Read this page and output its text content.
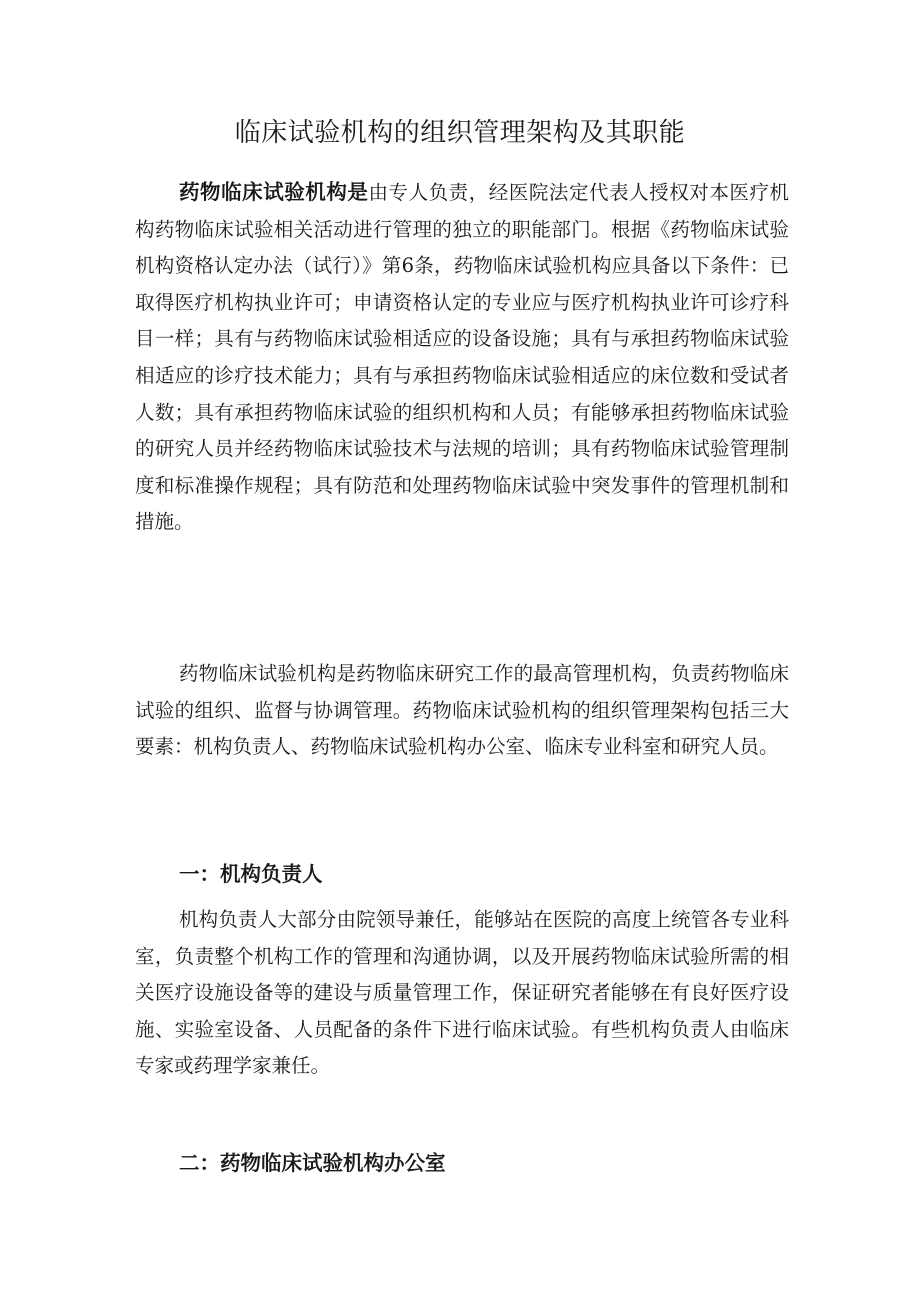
临床试验机构的组织管理架构及其职能

药物临床试验机构是由专人负责，经医院法定代表人授权对本医疗机构药物临床试验相关活动进行管理的独立的职能部门。根据《药物临床试验机构资格认定办法（试行）》第6条，药物临床试验机构应具备以下条件：已取得医疗机构执业许可；申请资格认定的专业应与医疗机构执业许可诊疗科目一样；具有与药物临床试验相适应的设备设施；具有与承担药物临床试验相适应的诊疗技术能力；具有与承担药物临床试验相适应的床位数和受试者人数；具有承担药物临床试验的组织机构和人员；有能够承担药物临床试验的研究人员并经药物临床试验技术与法规的培训；具有药物临床试验管理制度和标准操作规程；具有防范和处理药物临床试验中突发事件的管理机制和措施。

药物临床试验机构是药物临床研究工作的最高管理机构，负责药物临床试验的组织、监督与协调管理。药物临床试验机构的组织管理架构包括三大要素：机构负责人、药物临床试验机构办公室、临床专业科室和研究人员。

一：机构负责人

机构负责人大部分由院领导兼任，能够站在医院的高度上统管各专业科室，负责整个机构工作的管理和沟通协调，以及开展药物临床试验所需的相关医疗设施设备等的建设与质量管理工作，保证研究者能够在有良好医疗设施、实验室设备、人员配备的条件下进行临床试验。有些机构负责人由临床专家或药理学家兼任。

二：药物临床试验机构办公室
